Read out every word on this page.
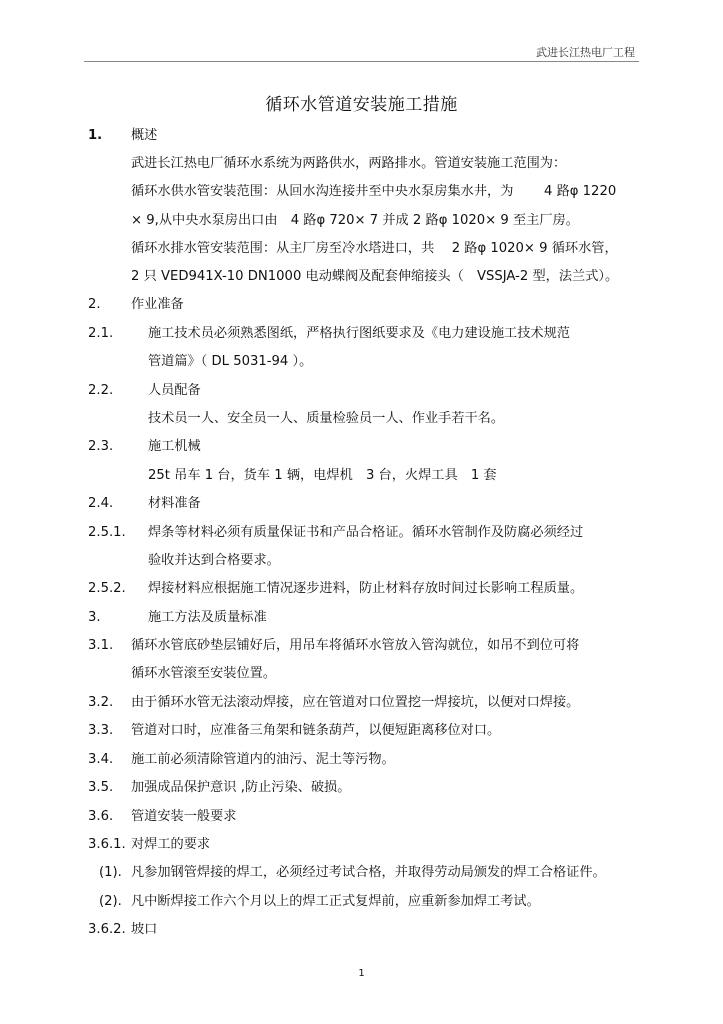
武进长江热电厂工程
循环水管道安装施工措施
1. 概述
武进长江热电厂循环水系统为两路供水，两路排水。管道安装施工范围为：
循环水供水管安装范围：从回水沟连接井至中央水泵房集水井，为　　 4 路φ 1220
× 9,从中央水泵房出口由　4 路φ 720× 7 并成 2 路φ 1020× 9 至主厂房。
循环水排水管安装范围：从主厂房至冷水塔进口，共　 2 路φ 1020× 9 循环水管，
2 只 VED941X-10 DN1000 电动蝶阀及配套伸缩接头（　VSSJA-2 型，法兰式）。
2. 作业准备
2.1.	施工技术员必须熟悉图纸，严格执行图纸要求及《电力建设施工技术规范
管道篇》（ DL 5031-94 ）。
2.2.	人员配备
技术员一人、安全员一人、质量检验员一人、作业手若干名。
2.3.	施工机械
25t 吊车 1 台，货车 1 辆，电焊机　3 台，火焊工具　1 套
2.4.	材料准备
2.5.1. 焊条等材料必须有质量保证书和产品合格证。循环水管制作及防腐必须经过
验收并达到合格要求。
2.5.2. 焊接材料应根据施工情况逐步进料，防止材料存放时间过长影响工程质量。
3.	施工方法及质量标准
3.1. 循环水管底砂垫层铺好后，用吊车将循环水管放入管沟就位，如吊不到位可将
循环水管滚至安装位置。
3.2. 由于循环水管无法滚动焊接，应在管道对口位置挖一焊接坑，以便对口焊接。
3.3. 管道对口时，应准备三角架和链条葫芦，以便短距离移位对口。
3.4. 施工前必须清除管道内的油污、泥土等污物。
3.5. 加强成品保护意识 ,防止污染、破损。
3.6. 管道安装一般要求
3.6.1. 对焊工的要求
(1). 凡参加钢管焊接的焊工，必须经过考试合格，并取得劳动局颁发的焊工合格证件。
(2). 凡中断焊接工作六个月以上的焊工正式复焊前，应重新参加焊工考试。
3.6.2. 坡口
1
